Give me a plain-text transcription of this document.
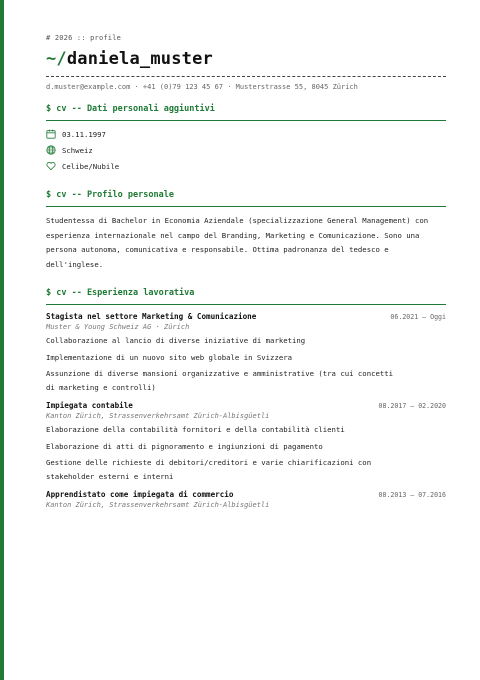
# 2026 :: profile
~/daniela_muster
d.muster@example.com · +41 (0)79 123 45 67 · Musterstrasse 55, 8045 Zürich
$ cv -- Dati personali aggiuntivi
03.11.1997
Schweiz
Celibe/Nubile
$ cv -- Profilo personale
Studentessa di Bachelor in Economia Aziendale (specializzazione General Management) con esperienza internazionale nel campo del Branding, Marketing e Comunicazione. Sono una persona autonoma, comunicativa e responsabile. Ottima padronanza del tedesco e dell'inglese.
$ cv -- Esperienza lavorativa
Stagista nel settore Marketing & Comunicazione	06.2021 – Oggi
Muster & Young Schweiz AG · Zürich
Collaborazione al lancio di diverse iniziative di marketing
Implementazione di un nuovo sito web globale in Svizzera
Assunzione di diverse mansioni organizzative e amministrative (tra cui concetti di marketing e controlli)
Impiegata contabile	08.2017 – 02.2020
Kanton Zürich, Strassenverkehrsamt Zürich-Albisgüetli
Elaborazione della contabilità fornitori e della contabilità clienti
Elaborazione di atti di pignoramento e ingiunzioni di pagamento
Gestione delle richieste di debitori/creditori e varie chiarificazioni con stakeholder esterni e interni
Apprendistato come impiegata di commercio	08.2013 – 07.2016
Kanton Zürich, Strassenverkehrsamt Zürich-Albisgüetli
